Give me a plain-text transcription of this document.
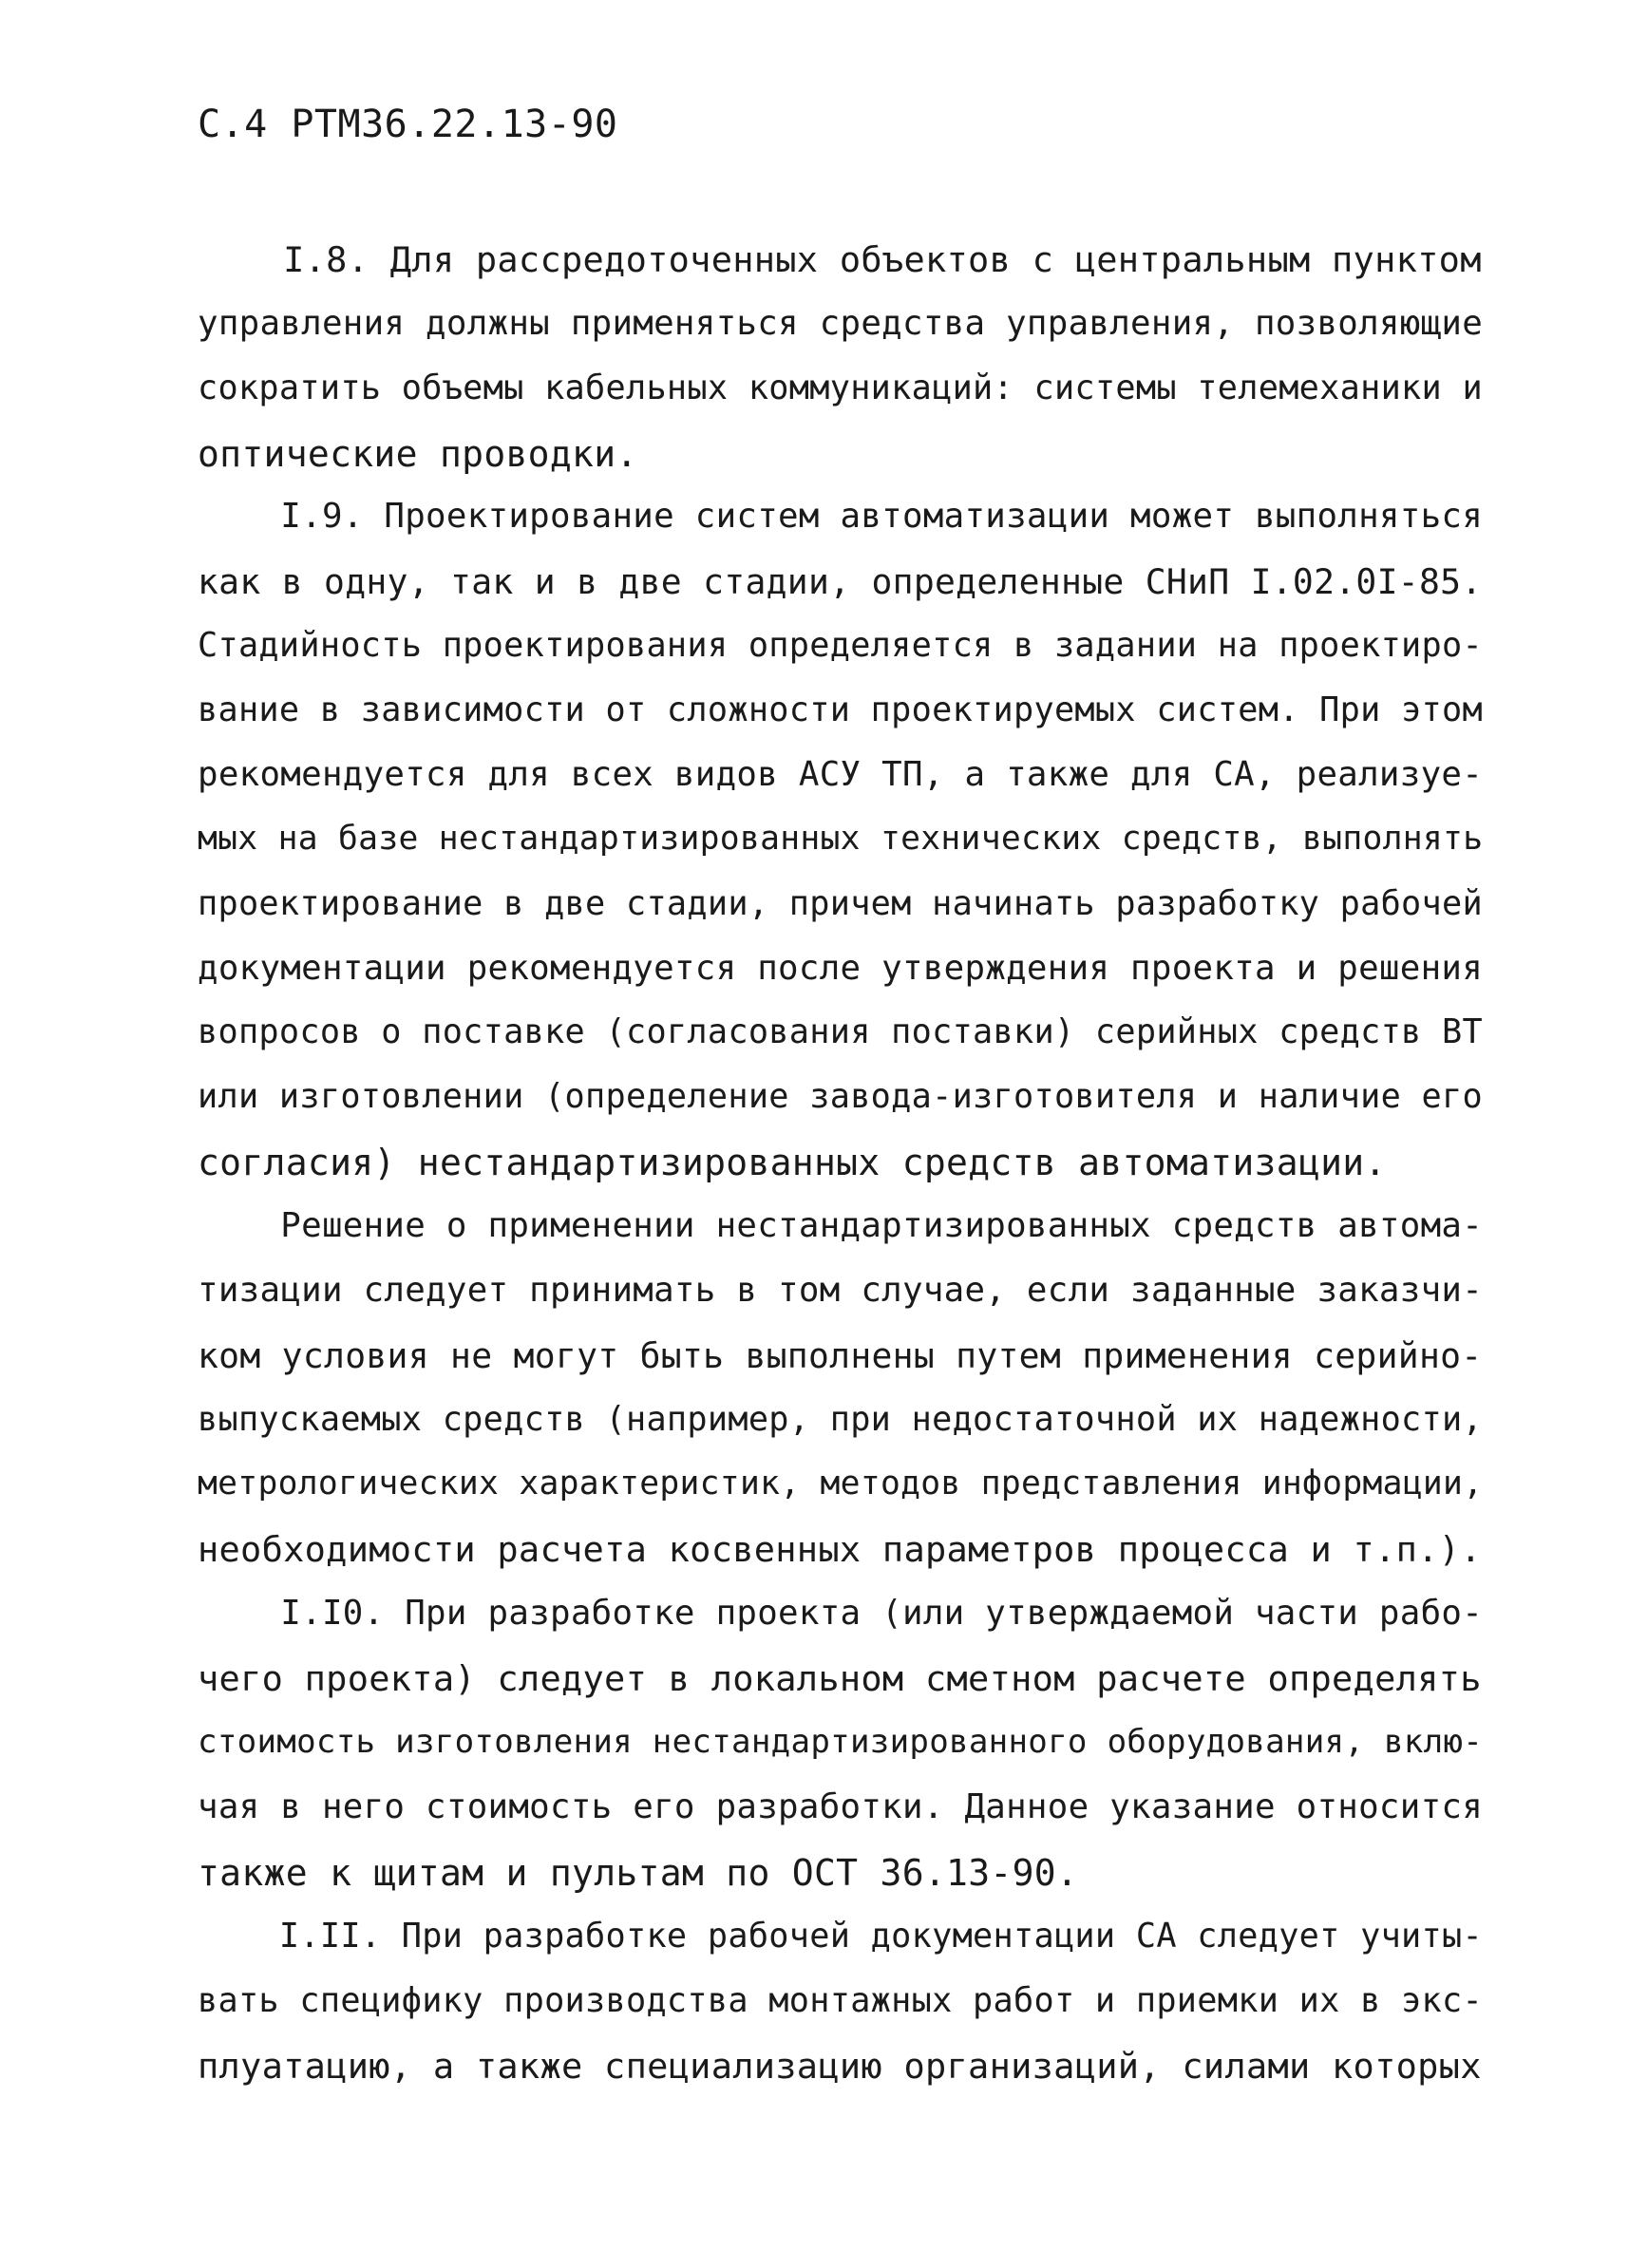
С.4 РТМ36.22.13-90
I.8. Для рассредоточенных объектов с центральным пунктом
управления должны применяться средства управления, позволяющие
сократить объемы кабельных коммуникаций: системы телемеханики и
оптические проводки.
I.9. Проектирование систем автоматизации может выполняться
как в одну, так и в две стадии, определенные СНиП I.02.0I-85.
Стадийность проектирования определяется в задании на проектиро-
вание в зависимости от сложности проектируемых систем. При этом
рекомендуется для всех видов АСУ ТП, а также для СА, реализуе-
мых на базе нестандартизированных технических средств, выполнять
проектирование в две стадии, причем начинать разработку рабочей
документации рекомендуется после утверждения проекта и решения
вопросов о поставке (согласования поставки) серийных средств ВТ
или изготовлении (определение завода-изготовителя и наличие его
согласия) нестандартизированных средств автоматизации.
Решение о применении нестандартизированных средств автома-
тизации следует принимать в том случае, если заданные заказчи-
ком условия не могут быть выполнены путем применения серийно-
выпускаемых средств (например, при недостаточной их надежности,
метрологических характеристик, методов представления информации,
необходимости расчета косвенных параметров процесса и т.п.).
I.I0. При разработке проекта (или утверждаемой части рабо-
чего проекта) следует в локальном сметном расчете определять
стоимость изготовления нестандартизированного оборудования, вклю-
чая в него стоимость его разработки. Данное указание относится
также к щитам и пультам по ОСТ 36.13-90.
I.II. При разработке рабочей документации СА следует учиты-
вать специфику производства монтажных работ и приемки их в экс-
плуатацию, а также специализацию организаций, силами которых
